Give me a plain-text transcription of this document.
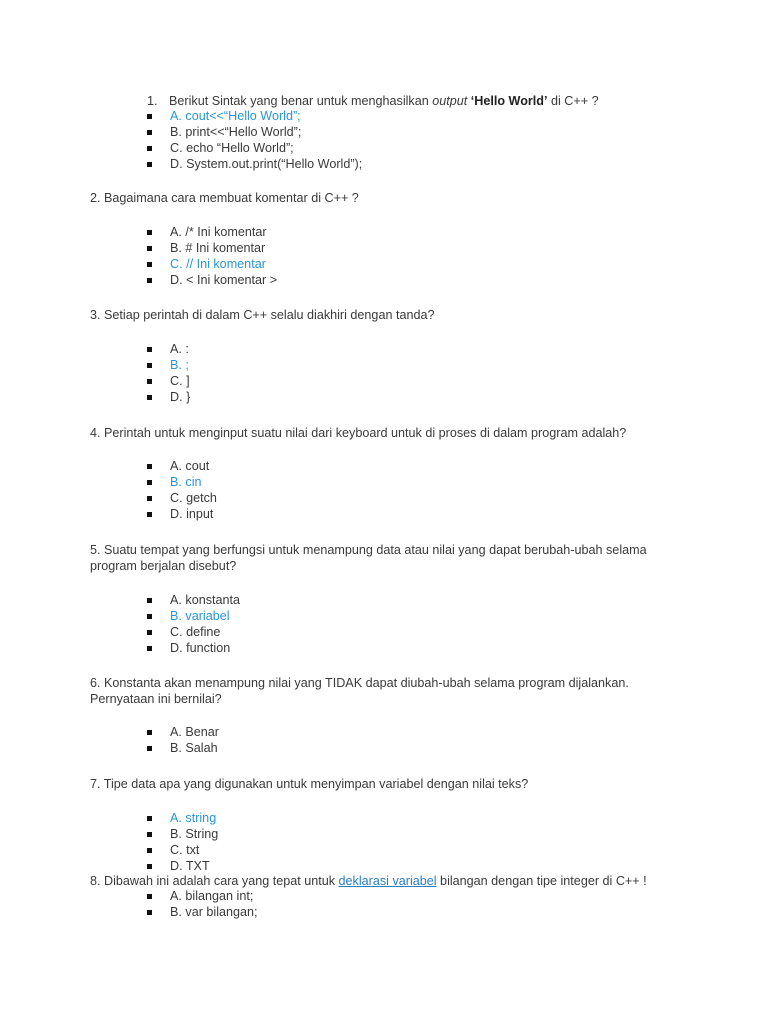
1. Berikut Sintak yang benar untuk menghasilkan output ‘Hello World’ di C++ ?
A. cout<<“Hello World”;
B. print<<“Hello World”;
C. echo “Hello World”;
D. System.out.print(“Hello World”);
2. Bagaimana cara membuat komentar di C++ ?
A. /* Ini komentar
B. # Ini komentar
C. // Ini komentar
D. < Ini komentar >
3. Setiap perintah di dalam C++ selalu diakhiri dengan tanda?
A. :
B. ;
C. ]
D. }
4. Perintah untuk menginput suatu nilai dari keyboard untuk di proses di dalam program adalah?
A. cout
B. cin
C. getch
D. input
5. Suatu tempat yang berfungsi untuk menampung data atau nilai yang dapat berubah-ubah selama program berjalan disebut?
A. konstanta
B. variabel
C. define
D. function
6. Konstanta akan menampung nilai yang TIDAK dapat diubah-ubah selama program dijalankan. Pernyataan ini bernilai?
A. Benar
B. Salah
7. Tipe data apa yang digunakan untuk menyimpan variabel dengan nilai teks?
A. string
B. String
C. txt
D. TXT
8. Dibawah ini adalah cara yang tepat untuk deklarasi variabel bilangan dengan tipe integer di C++ !
A. bilangan int;
B. var bilangan;
